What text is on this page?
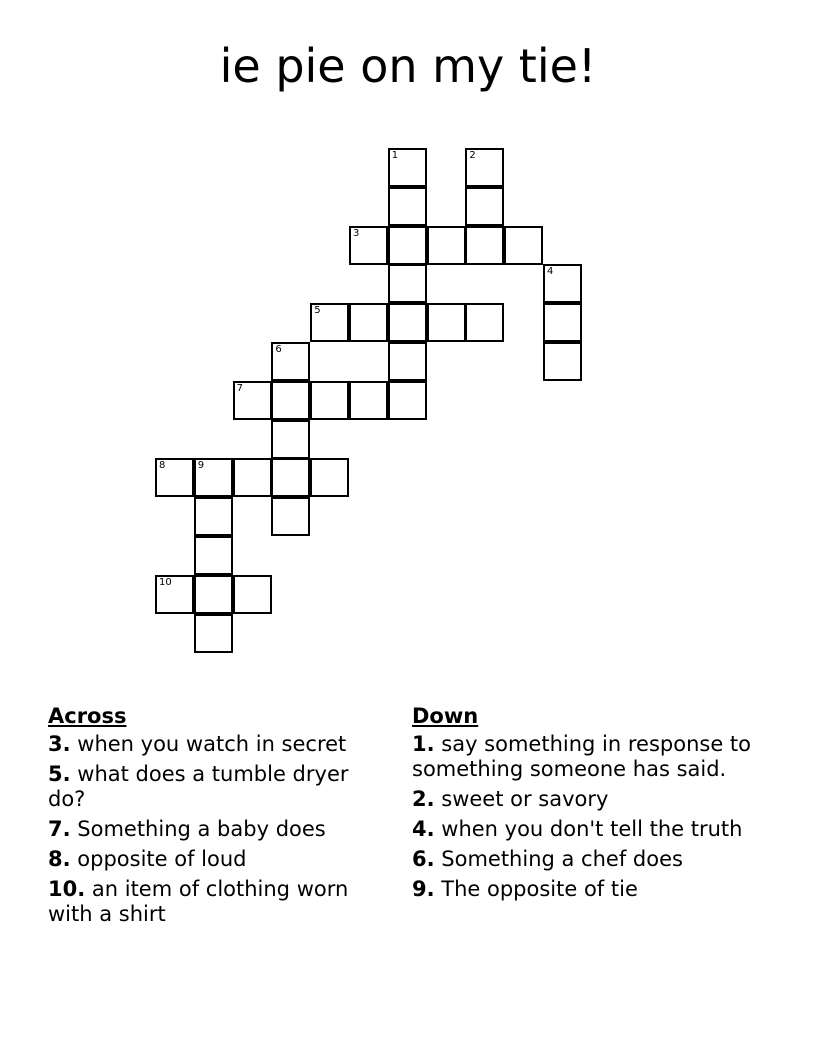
ie pie on my tie!
1	2
3
4
5
6
7
8	9
10
Across
3. when you watch in secret
5. what does a tumble dryer do?
7. Something a baby does
8. opposite of loud
10. an item of clothing worn with a shirt
Down
1. say something in response to something someone has said.
2. sweet or savory
4. when you don't tell the truth
6. Something a chef does
9. The opposite of tie
